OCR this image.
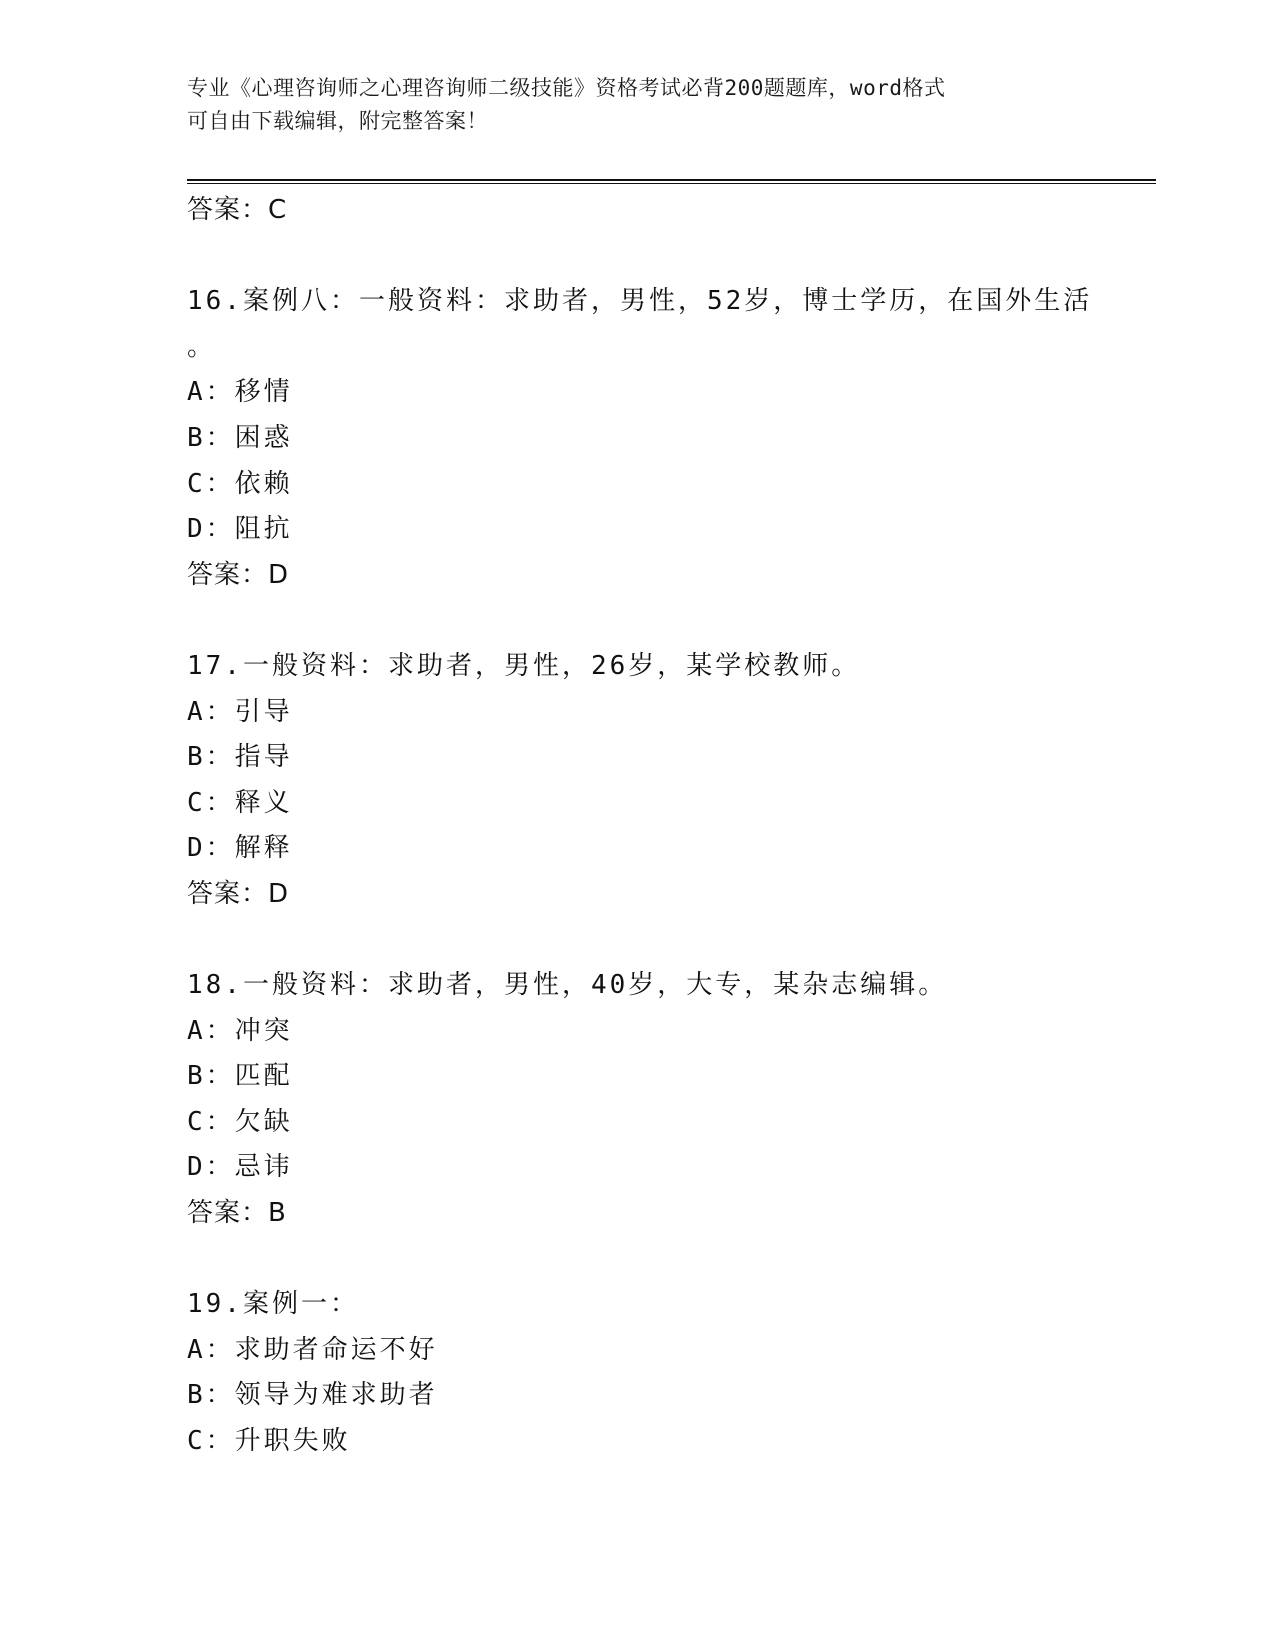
专业《心理咨询师之心理咨询师二级技能》资格考试必背200题题库，word格式
可自由下载编辑，附完整答案！
答案：C
16.案例八：一般资料：求助者，男性，52岁，博士学历，在国外生活
。
A：移情
B：困惑
C：依赖
D：阻抗
答案：D
17.一般资料：求助者，男性，26岁，某学校教师。
A：引导
B：指导
C：释义
D：解释
答案：D
18.一般资料：求助者，男性，40岁，大专，某杂志编辑。
A：冲突
B：匹配
C：欠缺
D：忌讳
答案：B
19.案例一：
A：求助者命运不好
B：领导为难求助者
C：升职失败
